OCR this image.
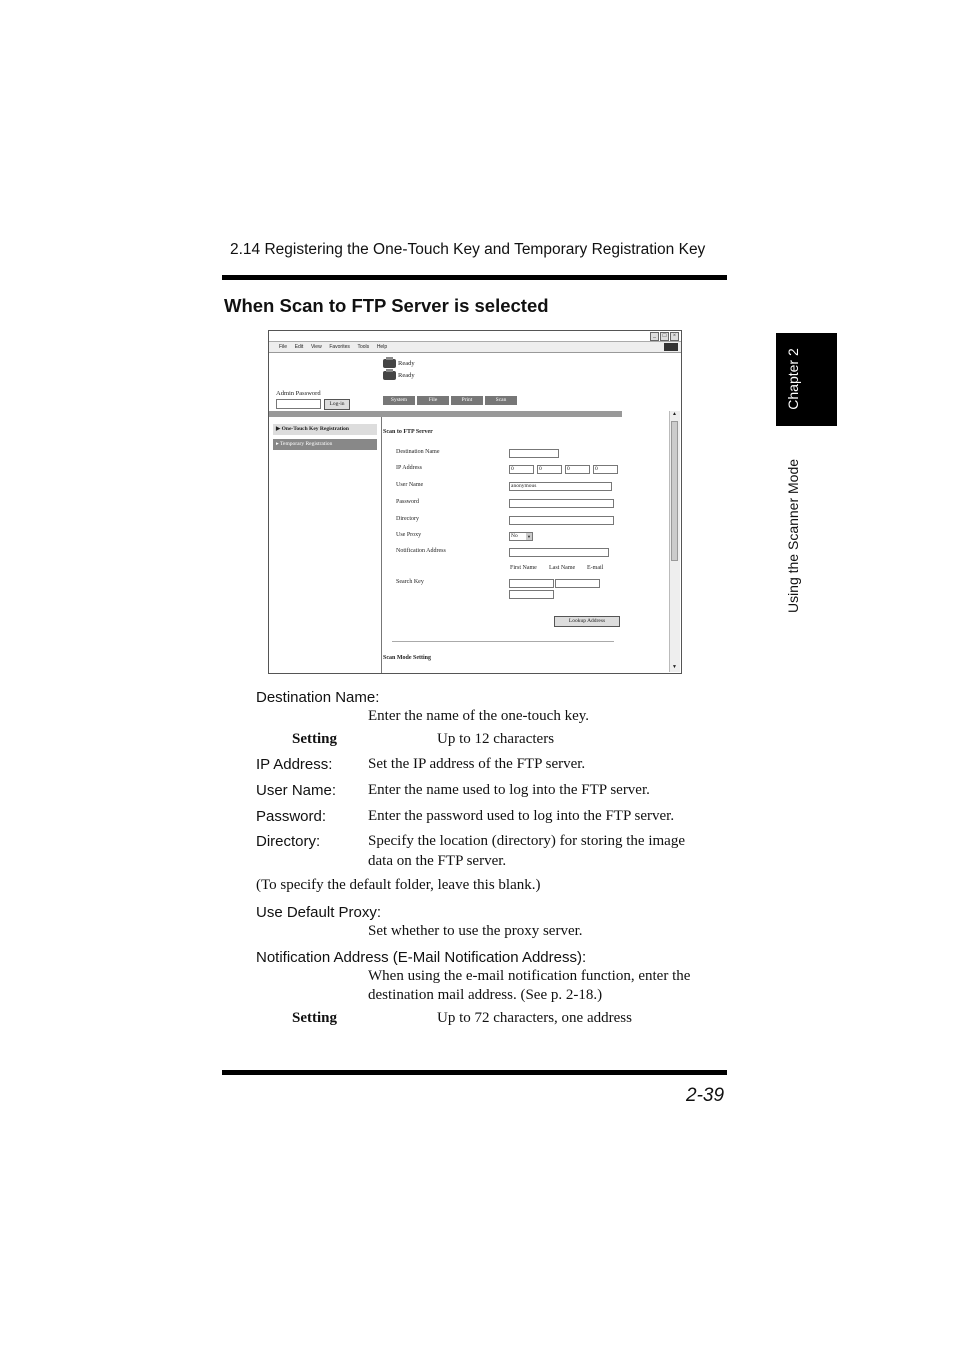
2.14 Registering the One-Touch Key and Temporary Registration Key
When Scan to FTP Server is selected
Chapter 2
Using the Scanner Mode
_	□	×
File Edit View Favorites Tools Help
Ready
Ready
Admin Password
Log-in
System	File	Print	Scan
▲
▼
▶ One-Touch Key Registration
▸ Temporary Registration
Scan to FTP Server
Destination Name
IP Address	0	0	0	0
User Name	anonymous
Password
Directory
Use Proxy	No ▼
Notification Address
First Name Last Name E-mail
Search Key
Lookup Address
Scan Mode Setting
Destination Name:
Enter the name of the one-touch key.
Setting	Up to 12 characters
IP Address: Set the IP address of the FTP server.
User Name: Enter the name used to log into the FTP server.
Password:	Enter the password used to log into the FTP server.
Directory:	Specify the location (directory) for storing the image
data on the FTP server.
(To specify the default folder, leave this blank.)
Use Default Proxy:
Set whether to use the proxy server.
Notification Address (E-Mail Notification Address):
When using the e-mail notification function, enter the
destination mail address. (See p. 2-18.)
Setting	Up to 72 characters, one address
2-39
